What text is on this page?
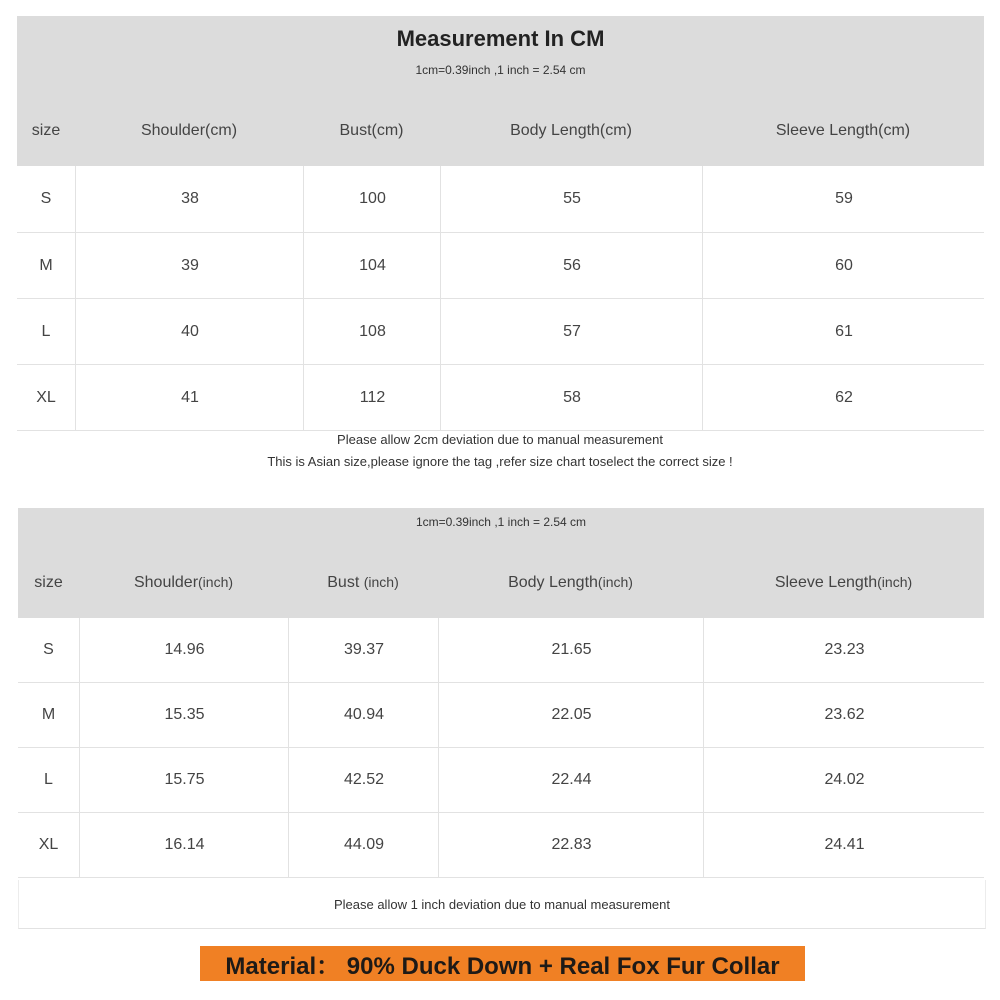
Measurement In CM
1cm=0.39inch ,1 inch = 2.54 cm
size	Shoulder(cm)	Bust(cm)	Body Length(cm)	Sleeve Length(cm)
S	38	100	55	59
M	39	104	56	60
L	40	108	57	61
XL	41	112	58	62
Please allow 2cm deviation due to manual measurement
This is Asian size,please ignore the tag ,refer size chart toselect the correct size !
1cm=0.39inch ,1 inch = 2.54 cm
size	Shoulder(inch)	Bust (inch)	Body Length(inch)	Sleeve Length(inch)
S	14.96	39.37	21.65	23.23
M	15.35	40.94	22.05	23.62
L	15.75	42.52	22.44	24.02
XL	16.14	44.09	22.83	24.41
Please allow 1 inch deviation due to manual measurement
Material： 90% Duck Down + Real Fox Fur Collar
